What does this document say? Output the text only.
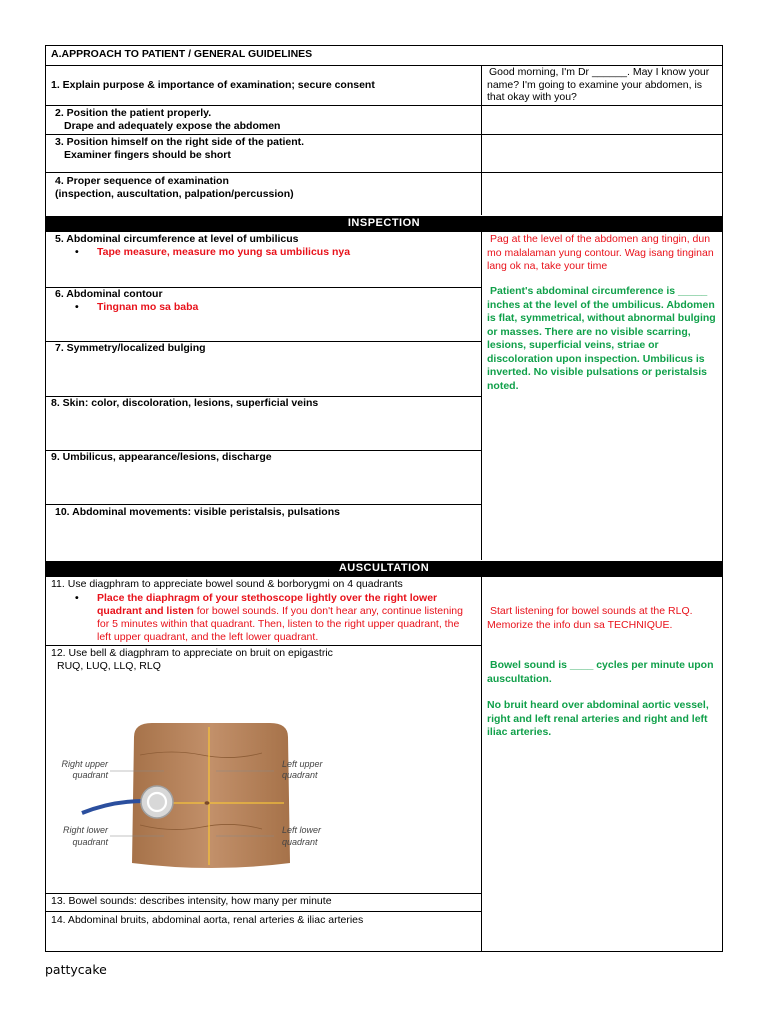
A.APPROACH TO PATIENT / GENERAL GUIDELINES
1. Explain purpose & importance of examination; secure consent
Good morning, I'm Dr ______. May I know your name? I'm going to examine your abdomen, is that okay with you?
2. Position the patient properly.
Drape and adequately expose the abdomen
3. Position himself on the right side of the patient.
Examiner fingers should be short
4. Proper sequence of examination
(inspection, auscultation, palpation/percussion)
INSPECTION
5. Abdominal circumference at level of umbilicus
• Tape measure, measure mo yung sa umbilicus nya
6. Abdominal contour
• Tingnan mo sa baba
7. Symmetry/localized bulging
8. Skin: color, discoloration, lesions, superficial veins
9. Umbilicus, appearance/lesions, discharge
10. Abdominal movements: visible peristalsis, pulsations
Pag at the level of the abdomen ang tingin, dun mo malalaman yung contour. Wag isang tinginan lang ok na, take your time
Patient's abdominal circumference is _____ inches at the level of the umbilicus. Abdomen is flat, symmetrical, without abnormal bulging or masses. There are no visible scarring, lesions, superficial veins, striae or discoloration upon inspection. Umbilicus is inverted. No visible pulsations or peristalsis noted.
AUSCULTATION
11. Use diagphram to appreciate bowel sound & borborygmi on 4 quadrants
• Place the diaphragm of your stethoscope lightly over the right lower quadrant and listen for bowel sounds. If you don't hear any, continue listening for 5 minutes within that quadrant. Then, listen to the right upper quadrant, the left upper quadrant, and the left lower quadrant.
12. Use bell & diagphram to appreciate on bruit on epigastric
RUQ, LUQ, LLQ, RLQ
Right upper
quadrant
Left upper
quadrant
Right lower
quadrant
Left lower
quadrant
13. Bowel sounds: describes intensity, how many per minute
14. Abdominal bruits, abdominal aorta, renal arteries & iliac arteries
Start listening for bowel sounds at the RLQ. Memorize the info dun sa TECHNIQUE.
Bowel sound is ____ cycles per minute upon auscultation.
No bruit heard over abdominal aortic vessel, right and left renal arteries and right and left iliac arteries.
pattycake
